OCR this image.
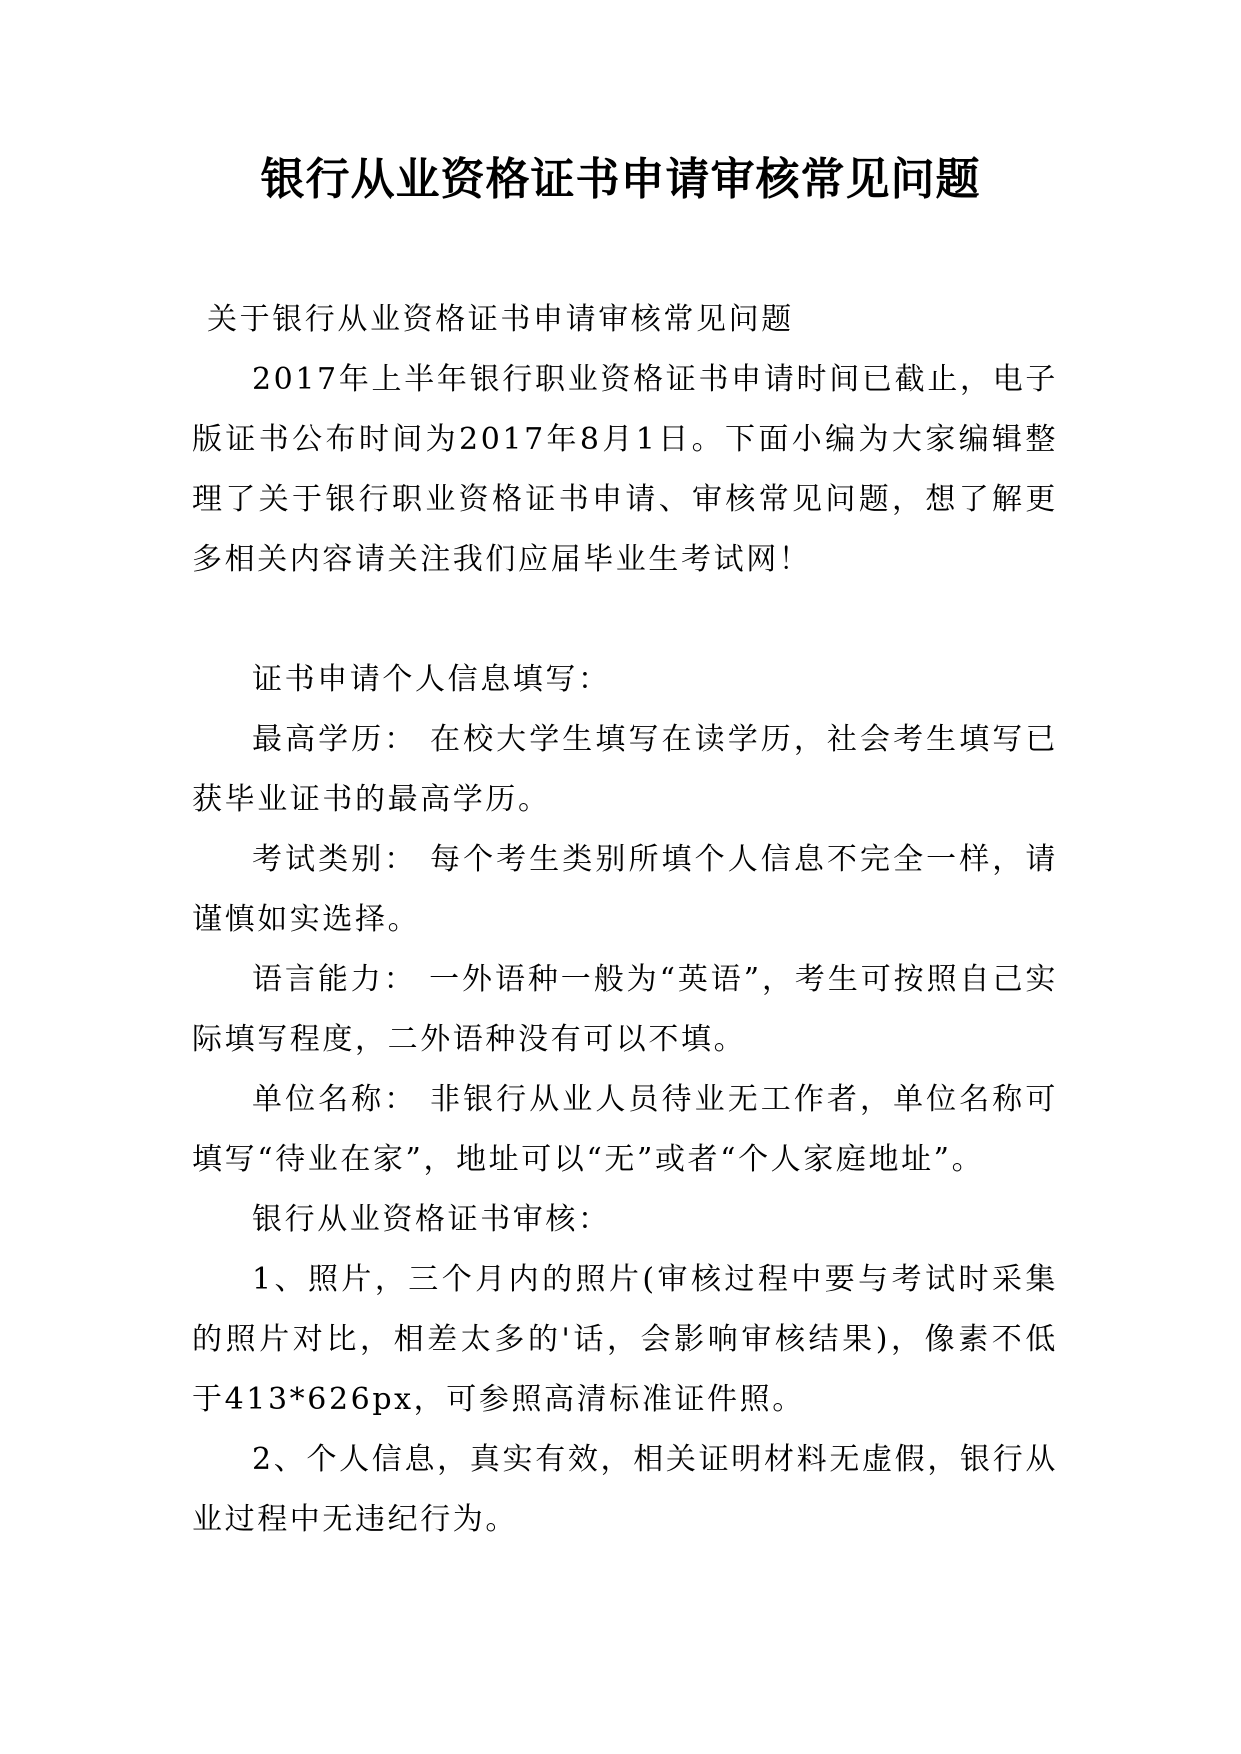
银行从业资格证书申请审核常见问题

关于银行从业资格证书申请审核常见问题

2017年上半年银行职业资格证书申请时间已截止，电子版证书公布时间为2017年8月1日。下面小编为大家编辑整理了关于银行职业资格证书申请、审核常见问题，想了解更多相关内容请关注我们应届毕业生考试网！

证书申请个人信息填写：

最高学历： 在校大学生填写在读学历，社会考生填写已获毕业证书的最高学历。

考试类别： 每个考生类别所填个人信息不完全一样，请谨慎如实选择。

语言能力： 一外语种一般为“英语”，考生可按照自己实际填写程度，二外语种没有可以不填。

单位名称： 非银行从业人员待业无工作者，单位名称可填写“待业在家”，地址可以“无”或者“个人家庭地址”。

银行从业资格证书审核：

1、照片，三个月内的照片(审核过程中要与考试时采集的照片对比，相差太多的'话，会影响审核结果)，像素不低于413*626px，可参照高清标准证件照。

2、个人信息，真实有效，相关证明材料无虚假，银行从业过程中无违纪行为。
